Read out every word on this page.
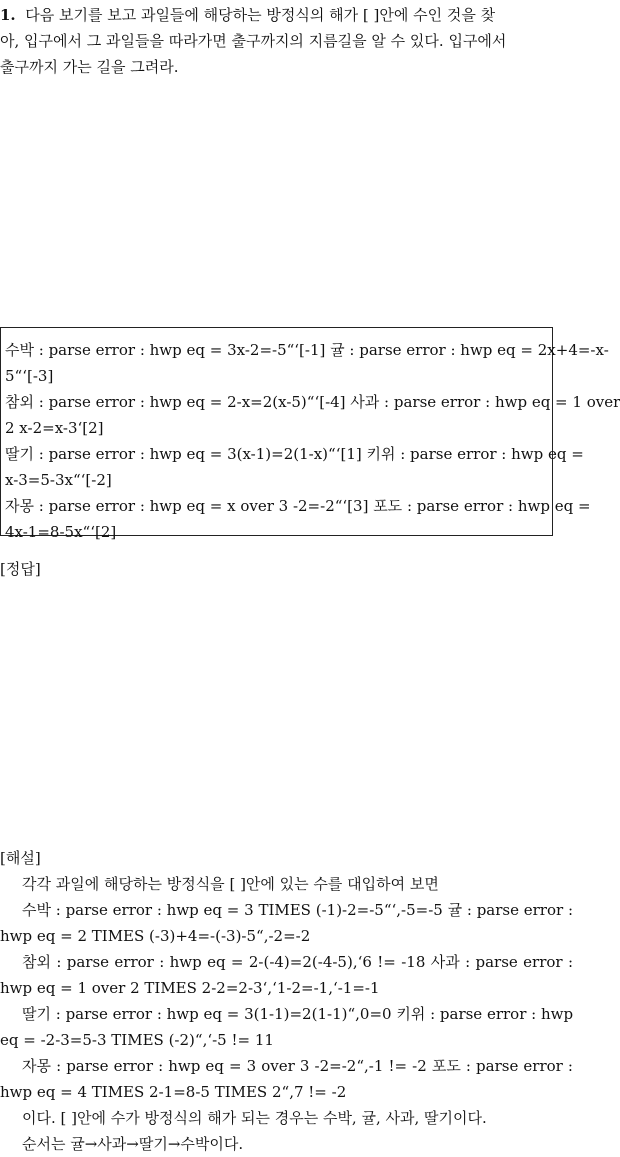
1. 다음 보기를 보고 과일들에 해당하는 방정식의 해가 [ ]안에 수인 것을 찾
아, 입구에서 그 과일들을 따라가면 출구까지의 지름길을 알 수 있다. 입구에서
출구까지 가는 길을 그려라.
수박 : parse error : hwp eq = 3x-2=-5“‘[-1] 귤 : parse error : hwp eq = 2x+4=-x-
5“‘[-3]
참외 : parse error : hwp eq = 2-x=2(x-5)“‘[-4] 사과 : parse error : hwp eq = 1 over
2 x-2=x-3‘[2]
딸기 : parse error : hwp eq = 3(x-1)=2(1-x)“‘[1] 키위 : parse error : hwp eq =
x-3=5-3x“‘[-2]
자몽 : parse error : hwp eq = x over 3 -2=-2“‘[3] 포도 : parse error : hwp eq =
4x-1=8-5x“‘[2]
[정답]
[해설]
각각 과일에 해당하는 방정식을 [ ]안에 있는 수를 대입하여 보면
수박 : parse error : hwp eq = 3 TIMES (-1)-2=-5“‘,-5=-5 귤 : parse error :
hwp eq = 2 TIMES (-3)+4=-(-3)-5“,-2=-2
참외 : parse error : hwp eq = 2-(-4)=2(-4-5),‘6 != -18 사과 : parse error :
hwp eq = 1 over 2 TIMES 2-2=2-3‘,‘1-2=-1,‘-1=-1
딸기 : parse error : hwp eq = 3(1-1)=2(1-1)“,0=0 키위 : parse error : hwp
eq = -2-3=5-3 TIMES (-2)“,‘-5 != 11
자몽 : parse error : hwp eq = 3 over 3 -2=-2“,-1 != -2 포도 : parse error :
hwp eq = 4 TIMES 2-1=8-5 TIMES 2“,7 != -2
이다. [ ]안에 수가 방정식의 해가 되는 경우는 수박, 귤, 사과, 딸기이다.
순서는 귤→사과→딸기→수박이다.
